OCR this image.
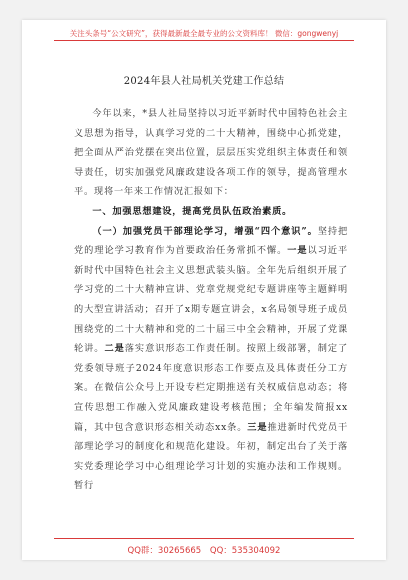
关注头条号“公文研究”，获得最新最全最专业的公文资料库！ 微信：gongwenyj
2024年县人社局机关党建工作总结

今年以来，*县人社局坚持以习近平新时代中国特色社会主义思想为指导，认真学习党的二十大精神，围绕中心抓党建，把全面从严治党摆在突出位置，层层压实党组织主体责任和领导责任，切实加强党风廉政建设各项工作的领导，提高管理水平。现将一年来工作情况汇报如下：

一、加强思想建设，提高党员队伍政治素质。

（一）加强党员干部理论学习，增强“四个意识”。坚持把党的理论学习教育作为首要政治任务常抓不懈。一是以习近平新时代中国特色社会主义思想武装头脑。全年先后组织开展了学习党的二十大精神宣讲、党章党规党纪专题讲座等主题鲜明的大型宣讲活动；召开了x期专题宣讲会，x名局领导班子成员围绕党的二十大精神和党的二十届三中全会精神，开展了党课轮讲。二是落实意识形态工作责任制。按照上级部署，制定了党委领导班子2024年度意识形态工作要点及具体责任分工方案。在微信公众号上开设专栏定期推送有关权威信息动态；将宣传思想工作融入党风廉政建设考核范围；全年编发简报xx篇，其中包含意识形态相关动态xx条。三是推进新时代党员干部理论学习的制度化和规范化建设。年初，制定出台了关于落实党委理论学习中心组理论学习计划的实施办法和工作规则。暂行

QQ群：30265665 QQ：535304092
